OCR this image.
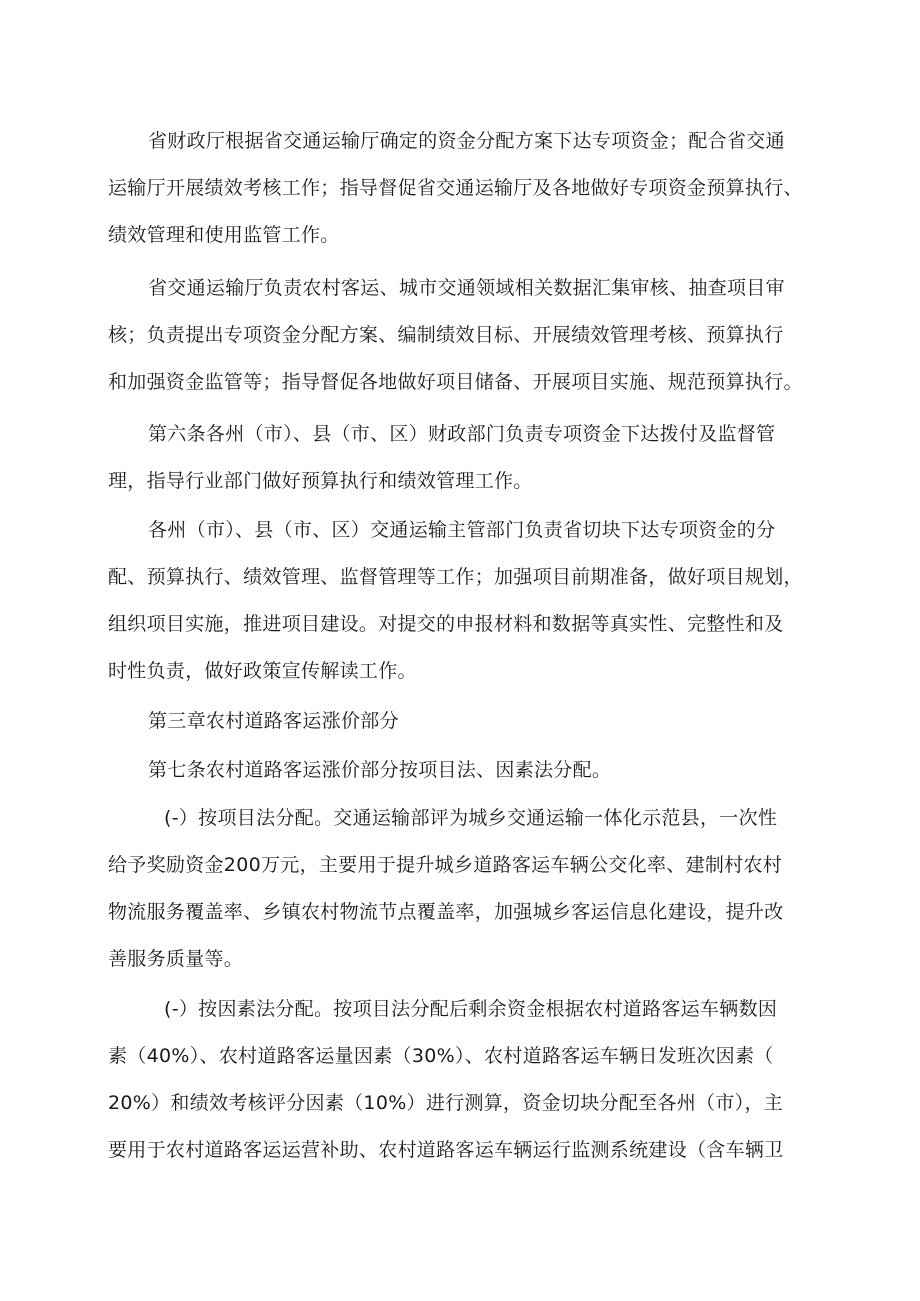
省财政厅根据省交通运输厅确定的资金分配方案下达专项资金；配合省交通
运输厅开展绩效考核工作；指导督促省交通运输厅及各地做好专项资金预算执行、
绩效管理和使用监管工作。
省交通运输厅负责农村客运、城市交通领域相关数据汇集审核、抽查项目审
核；负责提出专项资金分配方案、编制绩效目标、开展绩效管理考核、预算执行
和加强资金监管等；指导督促各地做好项目储备、开展项目实施、规范预算执行。
第六条各州（市）、县（市、区）财政部门负责专项资金下达拨付及监督管
理，指导行业部门做好预算执行和绩效管理工作。
各州（市）、县（市、区）交通运输主管部门负责省切块下达专项资金的分
配、预算执行、绩效管理、监督管理等工作；加强项目前期准备，做好项目规划，
组织项目实施，推进项目建设。对提交的申报材料和数据等真实性、完整性和及
时性负责，做好政策宣传解读工作。
第三章农村道路客运涨价部分
第七条农村道路客运涨价部分按项目法、因素法分配。
(-）按项目法分配。交通运输部评为城乡交通运输一体化示范县，一次性
给予奖励资金200万元，主要用于提升城乡道路客运车辆公交化率、建制村农村
物流服务覆盖率、乡镇农村物流节点覆盖率，加强城乡客运信息化建设，提升改
善服务质量等。
(-）按因素法分配。按项目法分配后剩余资金根据农村道路客运车辆数因
素（40%）、农村道路客运量因素（30%）、农村道路客运车辆日发班次因素（
20%）和绩效考核评分因素（10%）进行测算，资金切块分配至各州（市），主
要用于农村道路客运运营补助、农村道路客运车辆运行监测系统建设（含车辆卫
